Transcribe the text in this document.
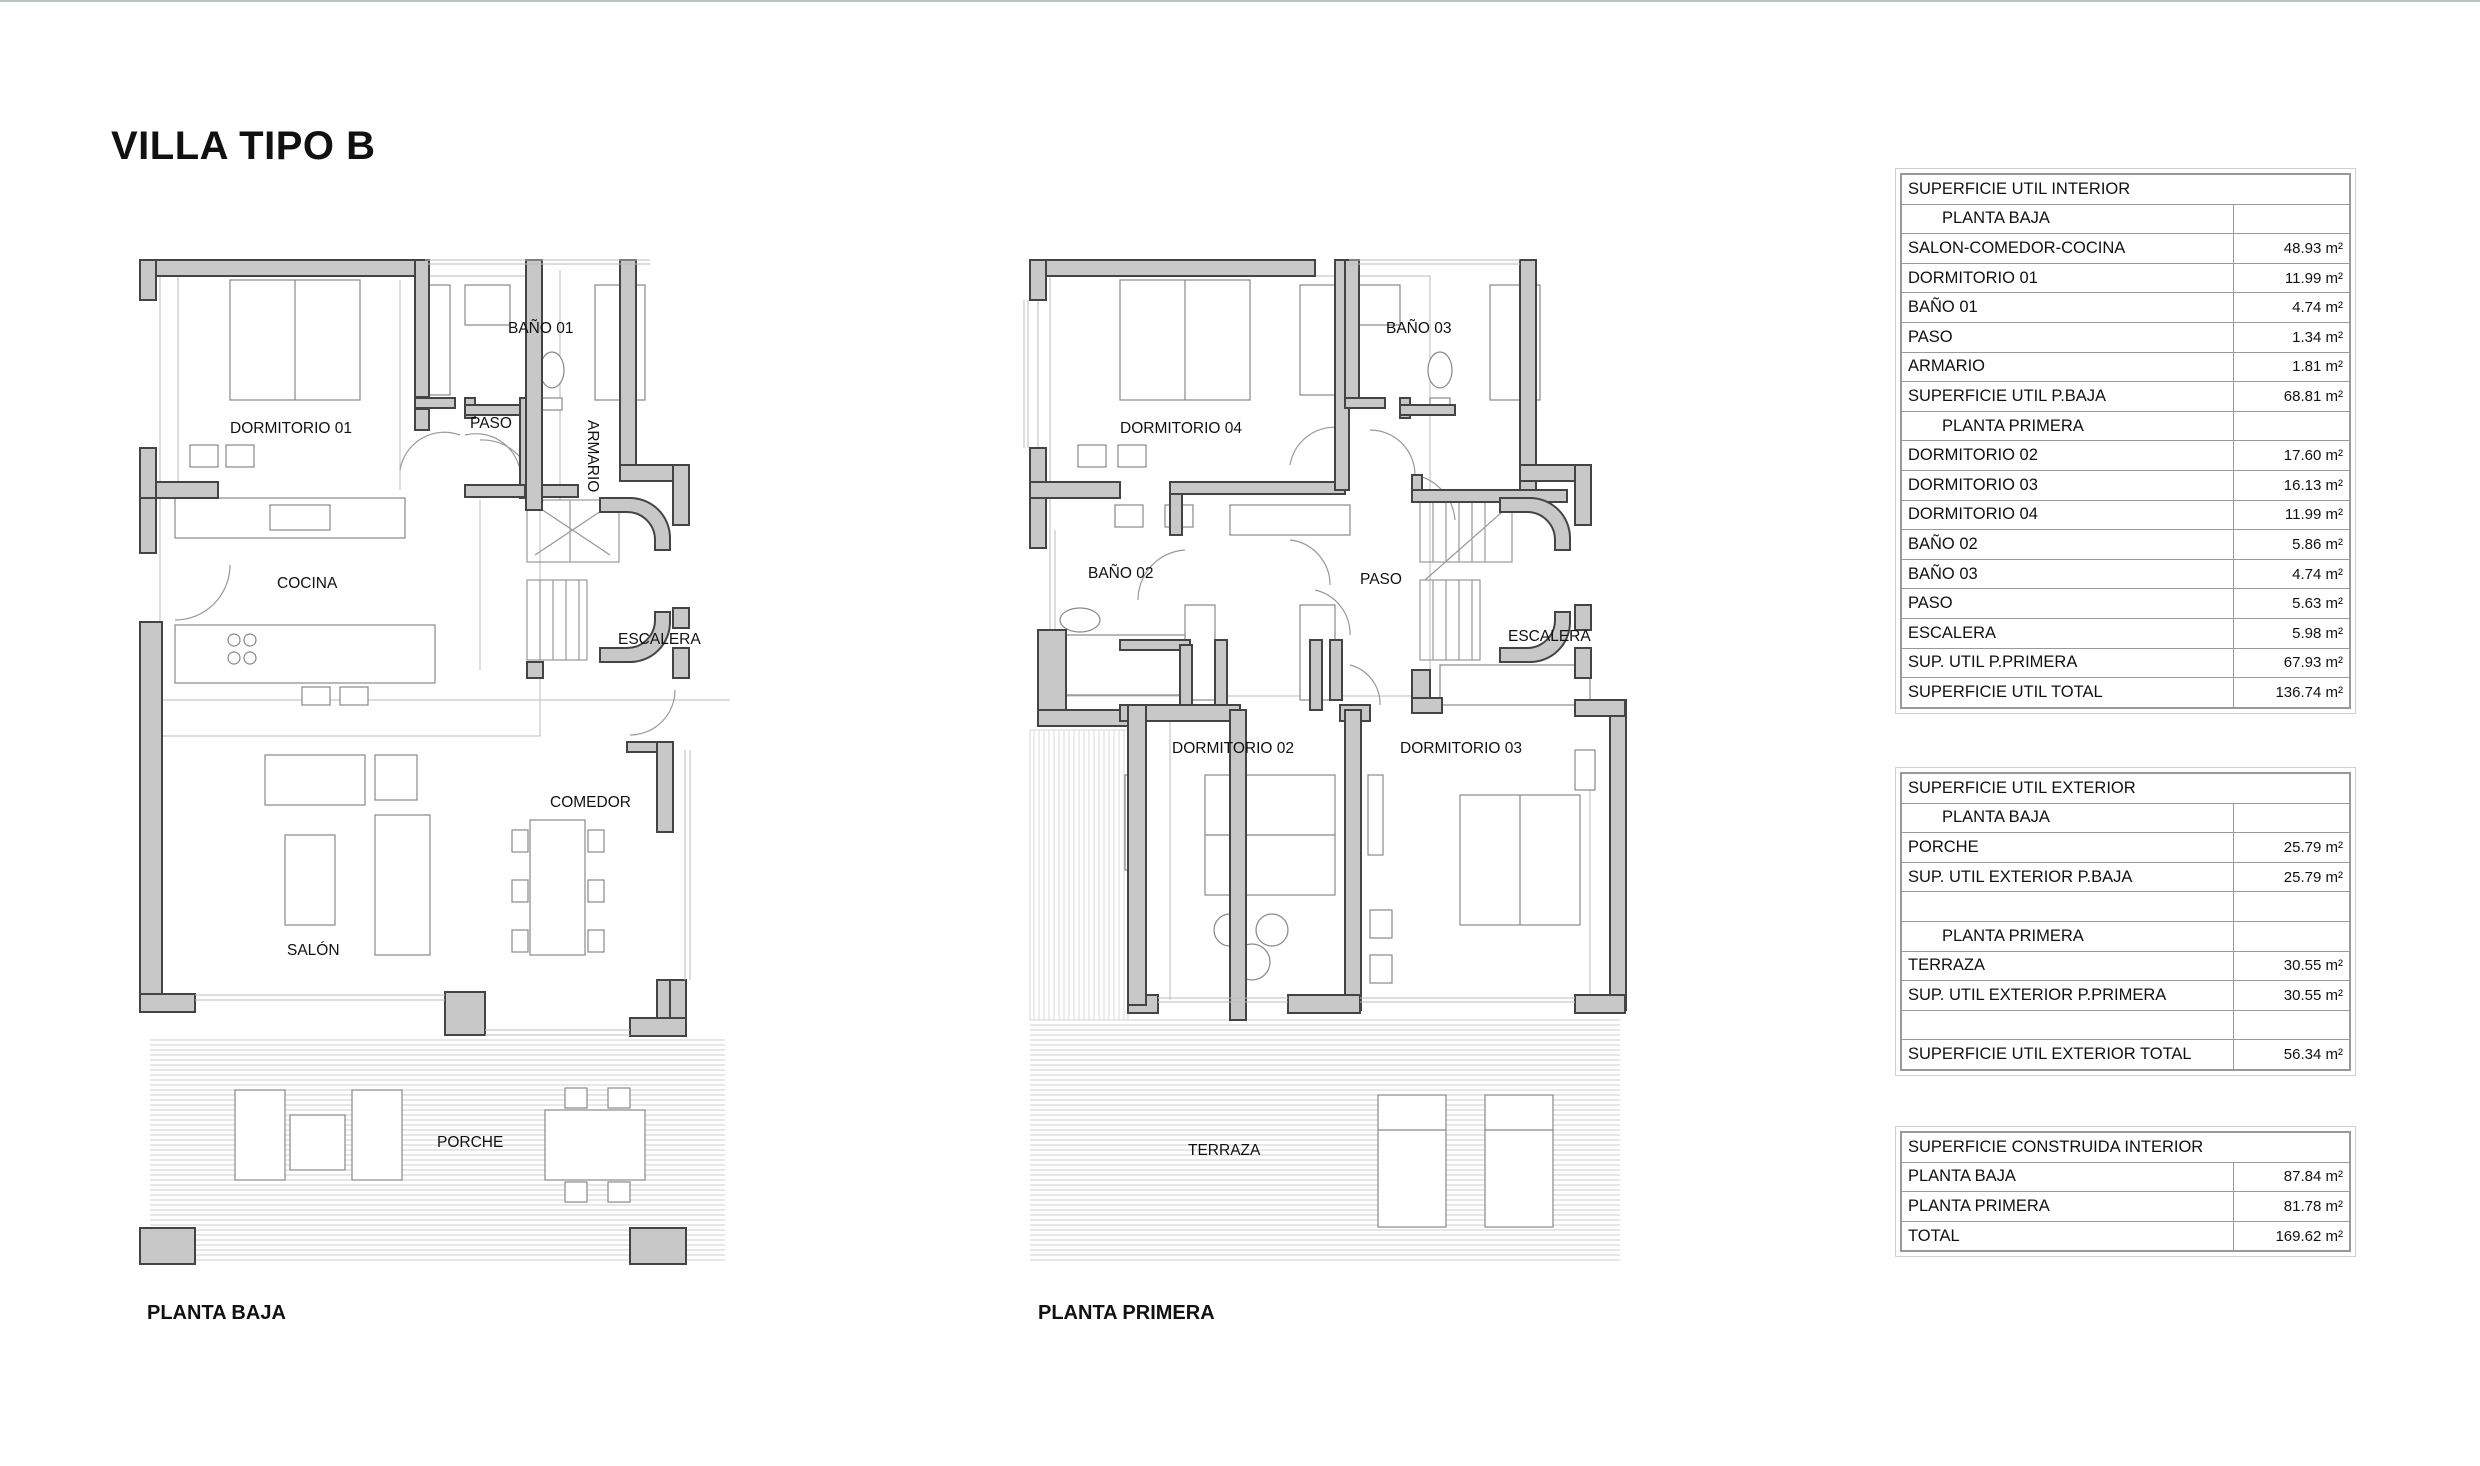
VILLA TIPO B
DORMITORIO 01
BAÑO 01
PASO	ARMARIO
COCINA
ESCALERA
COMEDOR
SALÓN
PORCHE
PLANTA BAJA
DORMITORIO 04
BAÑO 03
BAÑO 02	PASO
ESCALERA
DORMITORIO 02	DORMITORIO 03
TERRAZA
PLANTA PRIMERA
SUPERFICIE UTIL INTERIOR	
PLANTA BAJA	
SALON-COMEDOR-COCINA	48.93 m²
DORMITORIO 01	11.99 m²
BAÑO 01	4.74 m²
PASO	1.34 m²
ARMARIO	1.81 m²
SUPERFICIE UTIL P.BAJA	68.81 m²
PLANTA PRIMERA	
DORMITORIO 02	17.60 m²
DORMITORIO 03	16.13 m²
DORMITORIO 04	11.99 m²
BAÑO 02	5.86 m²
BAÑO 03	4.74 m²
PASO	5.63 m²
ESCALERA	5.98 m²
SUP. UTIL P.PRIMERA	67.93 m²
SUPERFICIE UTIL TOTAL	136.74 m²
SUPERFICIE UTIL EXTERIOR	
PLANTA BAJA	
PORCHE	25.79 m²
SUP. UTIL EXTERIOR P.BAJA	25.79 m²

PLANTA PRIMERA	
TERRAZA	30.55 m²
SUP. UTIL EXTERIOR P.PRIMERA	30.55 m²

SUPERFICIE UTIL EXTERIOR TOTAL	56.34 m²
SUPERFICIE CONSTRUIDA INTERIOR	
PLANTA BAJA	87.84 m²
PLANTA PRIMERA	81.78 m²
TOTAL	169.62 m²
